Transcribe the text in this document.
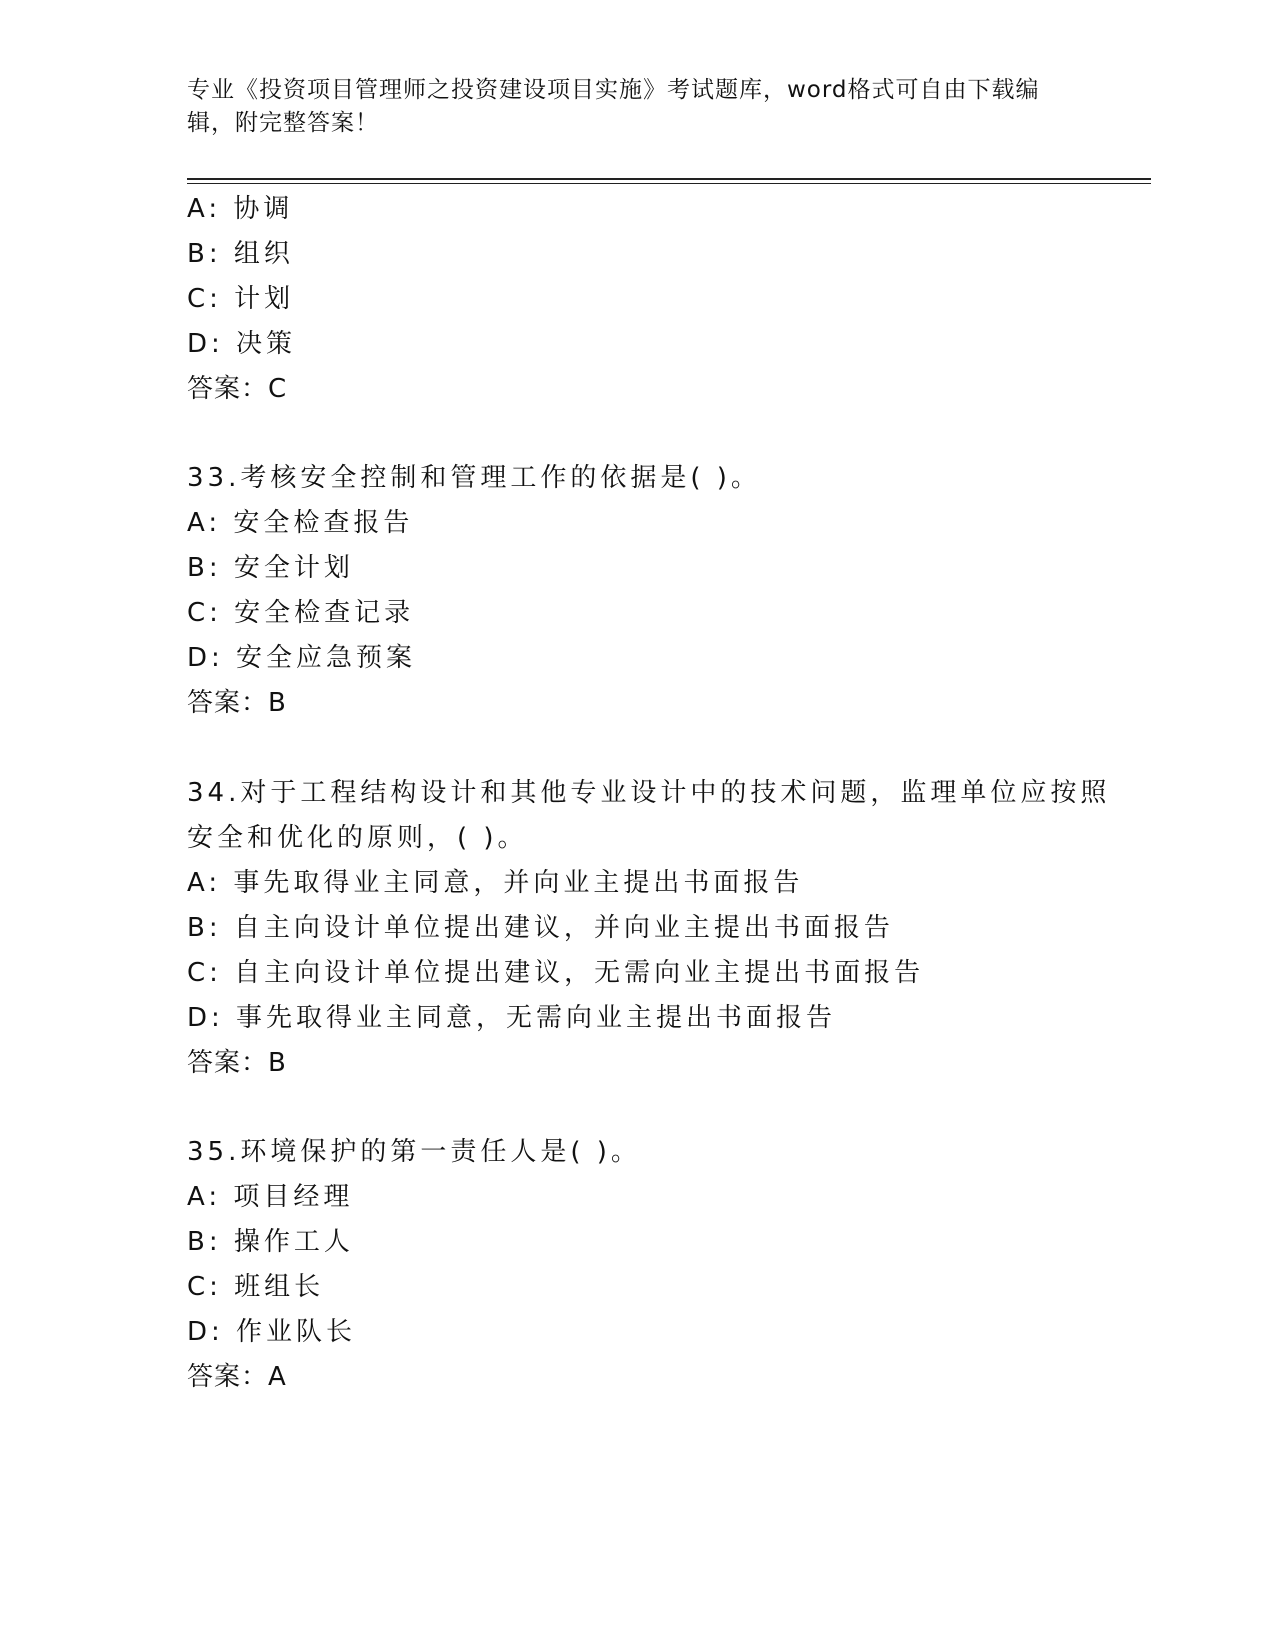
专业《投资项目管理师之投资建设项目实施》考试题库，word格式可自由下载编
辑，附完整答案！
A: 协调
B: 组织
C: 计划
D: 决策
答案：C
33.考核安全控制和管理工作的依据是( )。
A: 安全检查报告
B: 安全计划
C: 安全检查记录
D: 安全应急预案
答案：B
34.对于工程结构设计和其他专业设计中的技术问题，监理单位应按照
安全和优化的原则，( )。
A: 事先取得业主同意，并向业主提出书面报告
B: 自主向设计单位提出建议，并向业主提出书面报告
C: 自主向设计单位提出建议，无需向业主提出书面报告
D: 事先取得业主同意，无需向业主提出书面报告
答案：B
35.环境保护的第一责任人是( )。
A: 项目经理
B: 操作工人
C: 班组长
D: 作业队长
答案：A
